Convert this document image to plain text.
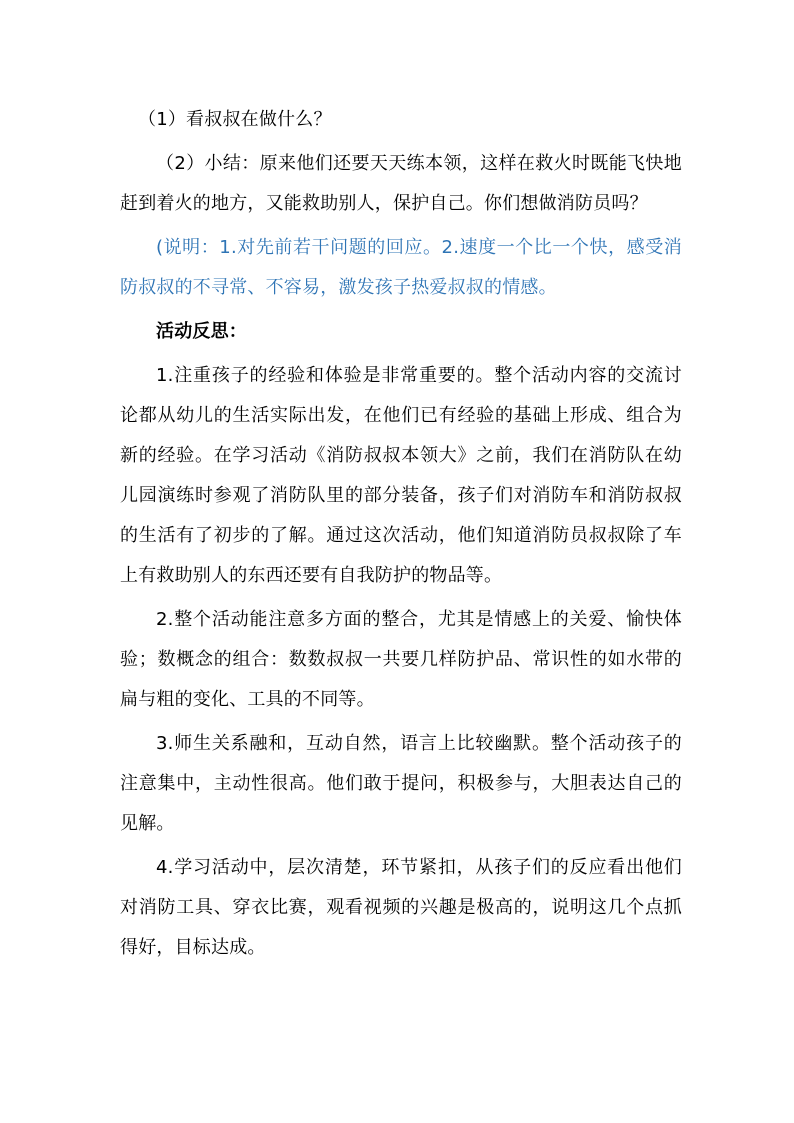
（1）看叔叔在做什么？

（2）小结：原来他们还要天天练本领，这样在救火时既能飞快地赶到着火的地方，又能救助别人，保护自己。你们想做消防员吗？

(说明：1.对先前若干问题的回应。2.速度一个比一个快，感受消防叔叔的不寻常、不容易，激发孩子热爱叔叔的情感。

活动反思：

1.注重孩子的经验和体验是非常重要的。整个活动内容的交流讨论都从幼儿的生活实际出发，在他们已有经验的基础上形成、组合为新的经验。在学习活动《消防叔叔本领大》之前，我们在消防队在幼儿园演练时参观了消防队里的部分装备，孩子们对消防车和消防叔叔的生活有了初步的了解。通过这次活动，他们知道消防员叔叔除了车上有救助别人的东西还要有自我防护的物品等。

2.整个活动能注意多方面的整合，尤其是情感上的关爱、愉快体验；数概念的组合：数数叔叔一共要几样防护品、常识性的如水带的扁与粗的变化、工具的不同等。

3.师生关系融和，互动自然，语言上比较幽默。整个活动孩子的注意集中，主动性很高。他们敢于提问，积极参与，大胆表达自己的见解。

4.学习活动中，层次清楚，环节紧扣，从孩子们的反应看出他们对消防工具、穿衣比赛，观看视频的兴趣是极高的，说明这几个点抓得好，目标达成。
